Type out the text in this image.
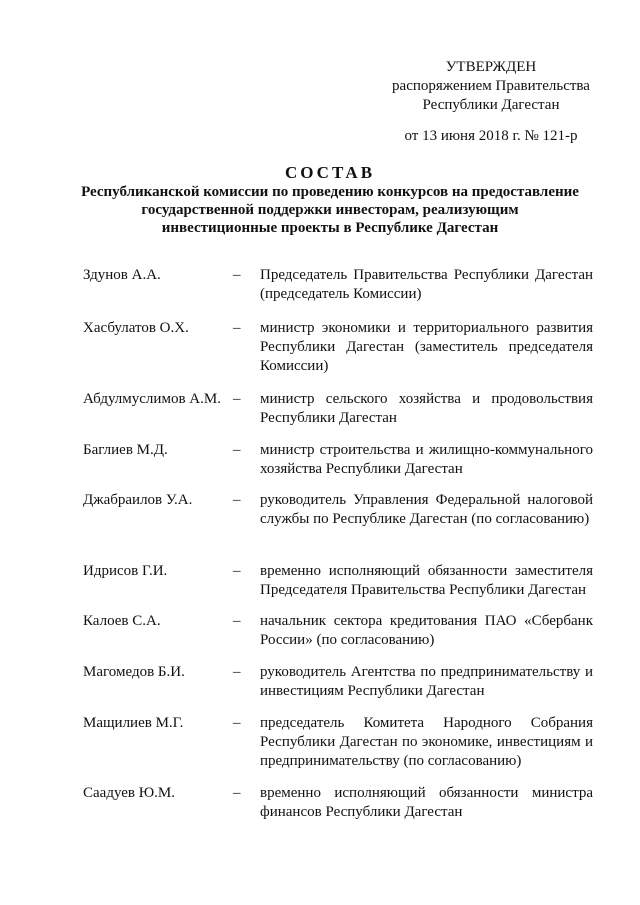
УТВЕРЖДЕН
распоряжением Правительства
Республики Дагестан
от 13 июня 2018 г. № 121-р
СОСТАВ
Республиканской комиссии по проведению конкурсов на предоставление
государственной поддержки инвесторам, реализующим
инвестиционные проекты в Республике Дагестан
Здунов А.А.	–	Председатель Правительства Республики Дагестан (председатель Комиссии)
Хасбулатов О.Х.	–	министр экономики и территориального развития Республики Дагестан (заместитель председателя Комиссии)
Абдулмуслимов А.М. –	министр сельского хозяйства и продовольствия Республики Дагестан
Баглиев М.Д.	–	министр строительства и жилищно-коммунального хозяйства Республики Дагестан
Джабраилов У.А.	–	руководитель Управления Федеральной налоговой службы по Республике Дагестан (по согласованию)
Идрисов Г.И.	–	временно исполняющий обязанности заместителя Председателя Правительства Республики Дагестан
Калоев С.А.	–	начальник сектора кредитования ПАО «Сбербанк России» (по согласованию)
Магомедов Б.И.	–	руководитель Агентства по предпринимательству и инвестициям Республики Дагестан
Мащилиев М.Г.	–	председатель Комитета Народного Собрания Республики Дагестан по экономике, инвестициям и предпринимательству (по согласованию)
Саадуев Ю.М.	–	временно исполняющий обязанности министра финансов Республики Дагестан
